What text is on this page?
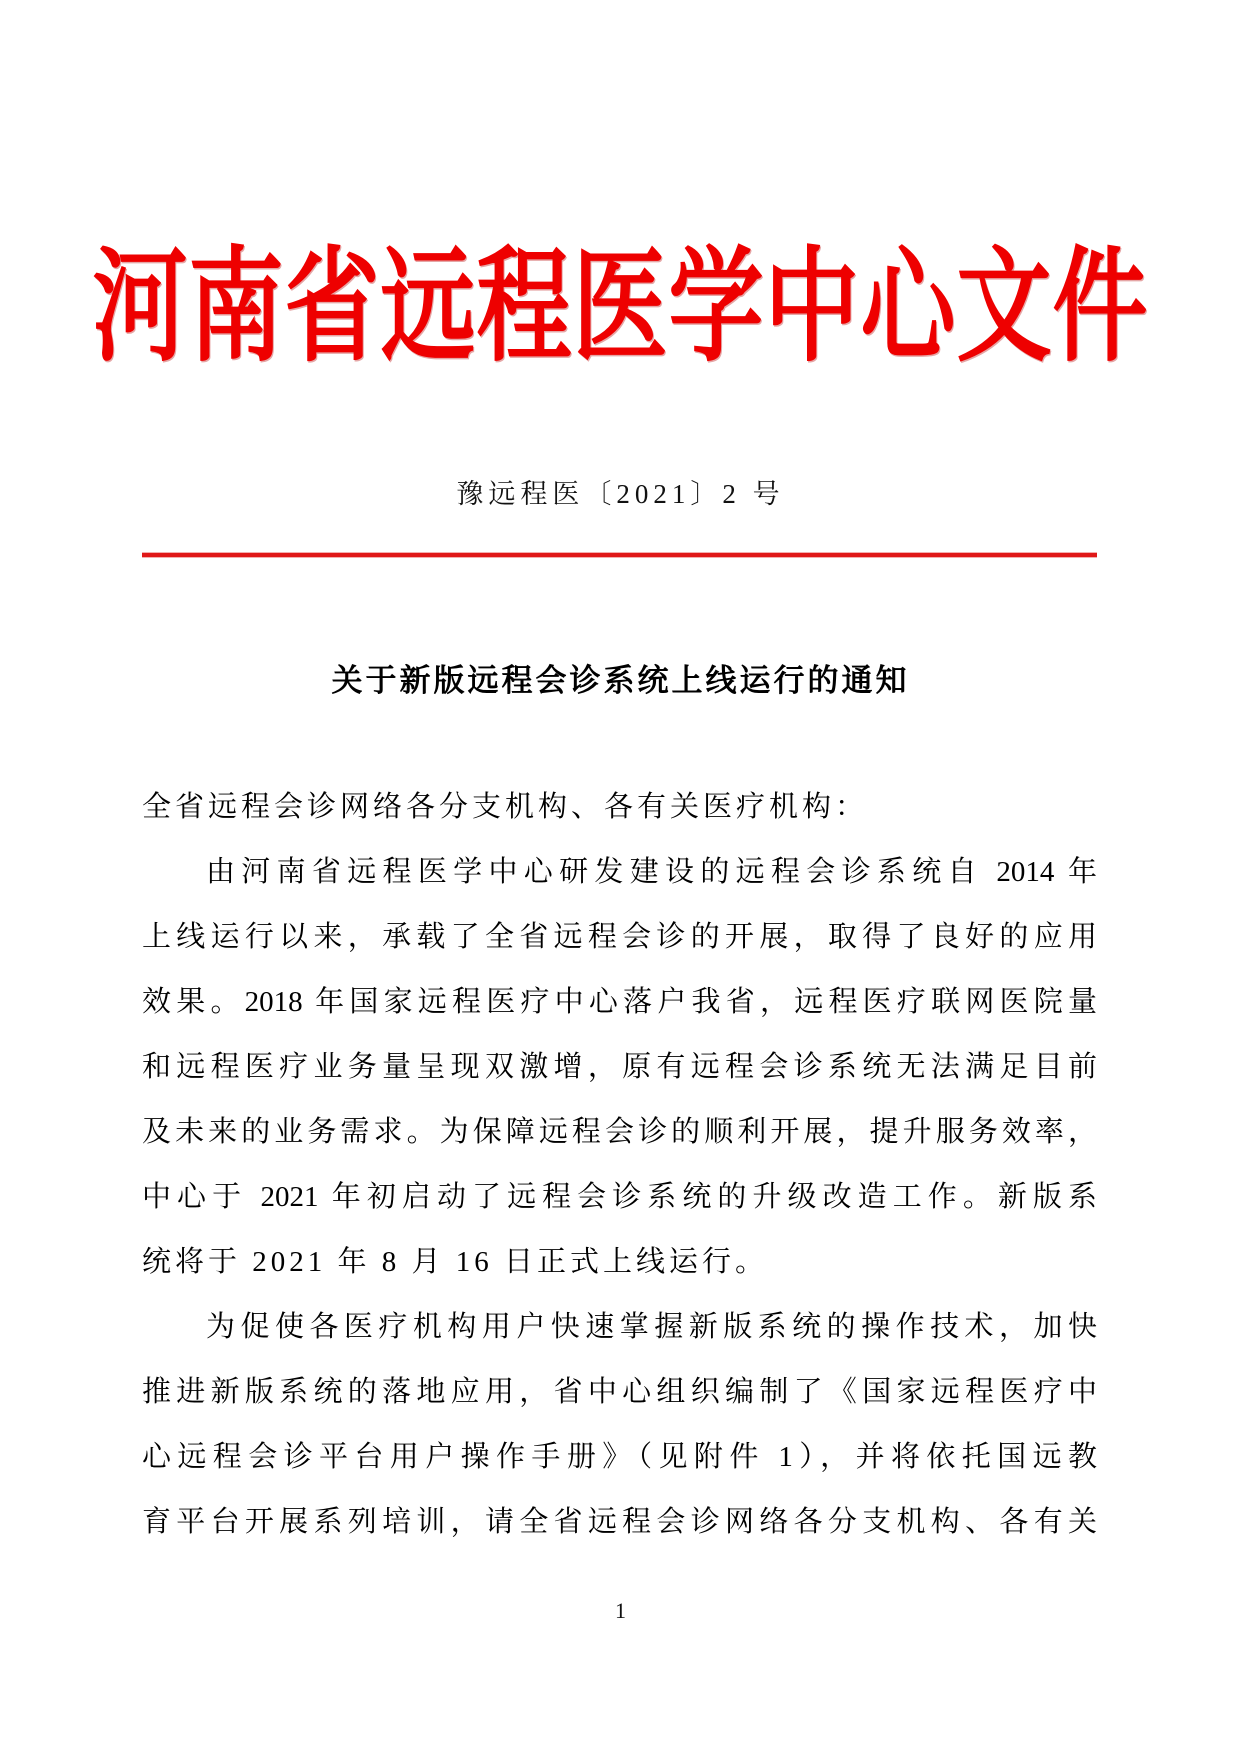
河南省远程医学中心文件
豫远程医〔2021〕2 号
关于新版远程会诊系统上线运行的通知
全省远程会诊网络各分支机构、各有关医疗机构：
由河南省远程医学中心研发建设的远程会诊系统自 2014 年
上线运行以来，承载了全省远程会诊的开展，取得了良好的应用
效果。2018 年国家远程医疗中心落户我省，远程医疗联网医院量
和远程医疗业务量呈现双激增，原有远程会诊系统无法满足目前
及未来的业务需求。为保障远程会诊的顺利开展，提升服务效率，
中心于 2021 年初启动了远程会诊系统的升级改造工作。新版系
统将于 2021 年 8 月 16 日正式上线运行。
为促使各医疗机构用户快速掌握新版系统的操作技术，加快
推进新版系统的落地应用，省中心组织编制了《国家远程医疗中
心远程会诊平台用户操作手册》（见附件 1），并将依托国远教
育平台开展系列培训，请全省远程会诊网络各分支机构、各有关
1
